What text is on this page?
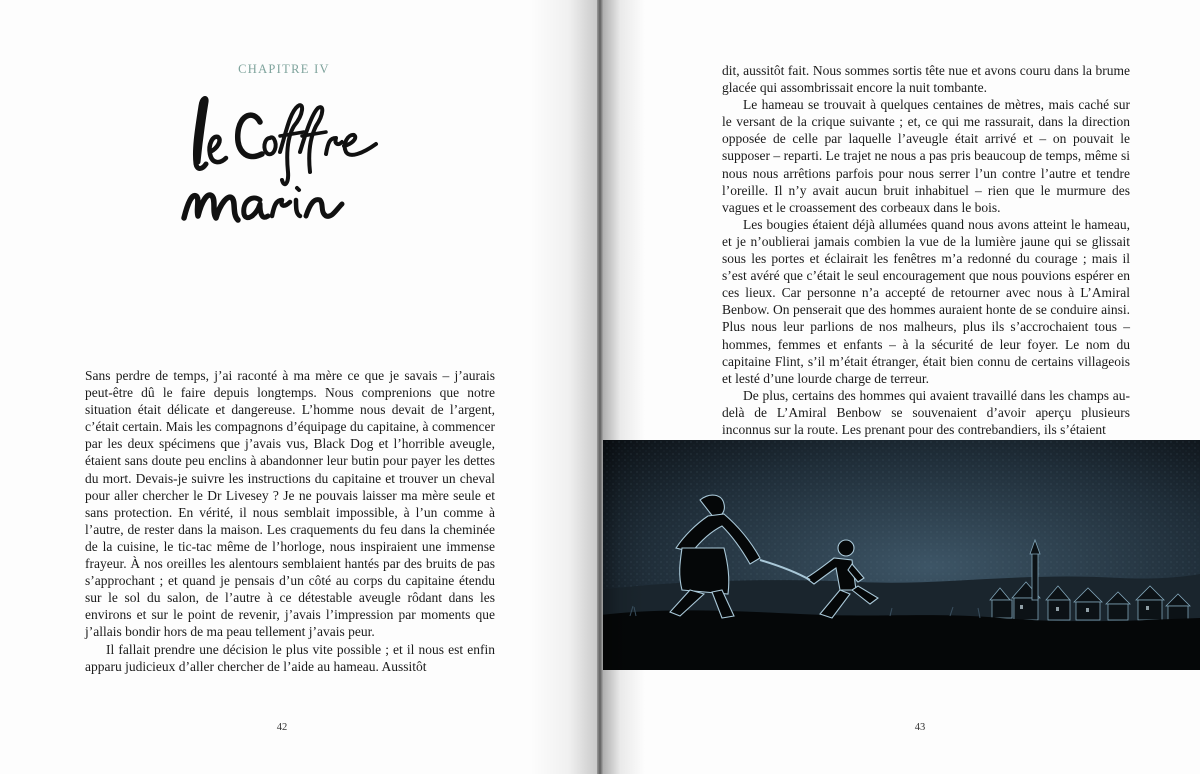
CHAPITRE IV

Sans perdre de temps, j’ai raconté à ma mère ce que je savais – j’aurais peut-être dû le faire depuis longtemps. Nous comprenions que notre situation était délicate et dangereuse. L’homme nous devait de l’argent, c’était certain. Mais les compagnons d’équipage du capitaine, à commencer par les deux spécimens que j’avais vus, Black Dog et l’horrible aveugle, étaient sans doute peu enclins à abandonner leur butin pour payer les dettes du mort. Devais-je suivre les instructions du capitaine et trouver un cheval pour aller chercher le Dr Livesey ? Je ne pouvais laisser ma mère seule et sans protection. En vérité, il nous semblait impossible, à l’un comme à l’autre, de rester dans la maison. Les craquements du feu dans la cheminée de la cuisine, le tic-tac même de l’horloge, nous inspiraient une immense frayeur. À nos oreilles les alentours semblaient hantés par des bruits de pas s’approchant ; et quand je pensais d’un côté au corps du capitaine étendu sur le sol du salon, de l’autre à ce détestable aveugle rôdant dans les environs et sur le point de revenir, j’avais l’impression par moments que j’allais bondir hors de ma peau tellement j’avais peur.

Il fallait prendre une décision le plus vite possible ; et il nous est enfin apparu judicieux d’aller chercher de l’aide au hameau. Aussitôt

42

dit, aussitôt fait. Nous sommes sortis tête nue et avons couru dans la brume glacée qui assombrissait encore la nuit tombante.

Le hameau se trouvait à quelques centaines de mètres, mais caché sur le versant de la crique suivante ; et, ce qui me rassurait, dans la direction opposée de celle par laquelle l’aveugle était arrivé et – on pouvait le supposer – reparti. Le trajet ne nous a pas pris beaucoup de temps, même si nous nous arrêtions parfois pour nous serrer l’un contre l’autre et tendre l’oreille. Il n’y avait aucun bruit inhabituel – rien que le murmure des vagues et le croassement des corbeaux dans le bois.

Les bougies étaient déjà allumées quand nous avons atteint le hameau, et je n’oublierai jamais combien la vue de la lumière jaune qui se glissait sous les portes et éclairait les fenêtres m’a redonné du courage ; mais il s’est avéré que c’était le seul encouragement que nous pouvions espérer en ces lieux. Car personne n’a accepté de retourner avec nous à L’Amiral Benbow. On penserait que des hommes auraient honte de se conduire ainsi. Plus nous leur parlions de nos malheurs, plus ils s’accrochaient tous – hommes, femmes et enfants – à la sécurité de leur foyer. Le nom du capitaine Flint, s’il m’était étranger, était bien connu de certains villageois et lesté d’une lourde charge de terreur.

De plus, certains des hommes qui avaient travaillé dans les champs au-delà de L’Amiral Benbow se souvenaient d’avoir aperçu plusieurs inconnus sur la route. Les prenant pour des contrebandiers, ils s’étaient

43
